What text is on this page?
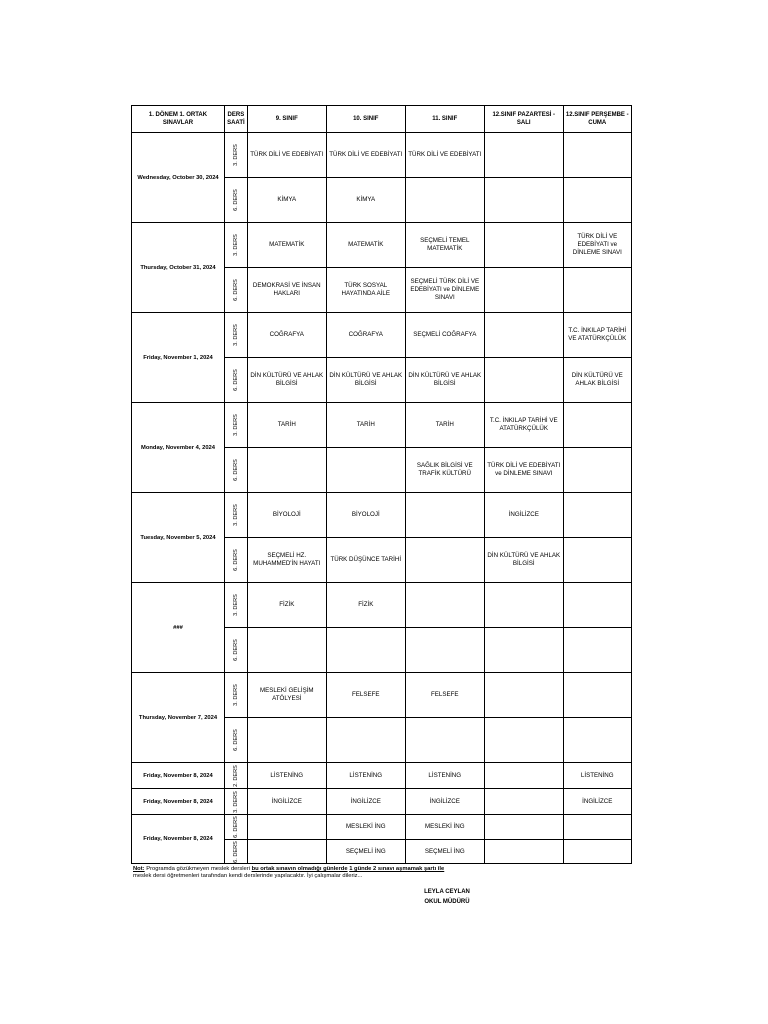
1. DÖNEM 1. ORTAK SINAVLAR	DERS SAATİ	9. SINIF	10. SINIF	11. SINIF	12.SINIF PAZARTESİ -SALI	12.SINIF PERŞEMBE - CUMA
Wednesday, October 30, 2024	3. DERS	TÜRK DİLİ VE EDEBİYATI	TÜRK DİLİ VE EDEBİYATI	TÜRK DİLİ VE EDEBİYATI		
	6. DERS	KİMYA	KİMYA			
Thursday, October 31, 2024	3. DERS	MATEMATİK	MATEMATİK	SEÇMELİ TEMEL MATEMATİK		TÜRK DİLİ VE EDEBİYATI ve DİNLEME SINAVI
	6. DERS	DEMOKRASİ VE İNSAN HAKLARI	TÜRK SOSYAL HAYATINDA AİLE	SEÇMELİ TÜRK DİLİ VE EDEBİYATI ve DİNLEME SINAVI		
Friday, November 1, 2024	3. DERS	COĞRAFYA	COĞRAFYA	SEÇMELİ COĞRAFYA		T.C. İNKILAP TARİHİ VE ATATÜRKÇÜLÜK
	6. DERS	DİN KÜLTÜRÜ VE AHLAK BİLGİSİ	DİN KÜLTÜRÜ VE AHLAK BİLGİSİ	DİN KÜLTÜRÜ VE AHLAK BİLGİSİ		DİN KÜLTÜRÜ VE AHLAK BİLGİSİ
Monday, November 4, 2024	3. DERS	TARİH	TARİH	TARİH	T.C. İNKILAP TARİHİ VE ATATÜRKÇÜLÜK	
	6. DERS			SAĞLIK BİLGİSİ VE TRAFİK KÜLTÜRÜ	TÜRK DİLİ VE EDEBİYATI ve DİNLEME SINAVI	
Tuesday, November 5, 2024	3. DERS	BİYOLOJİ	BİYOLOJİ		İNGİLİZCE	
	6. DERS	SEÇMELİ HZ. MUHAMMED'İN HAYATI	TÜRK DÜŞÜNCE TARİHİ		DİN KÜLTÜRÜ VE AHLAK BİLGİSİ	
###	3. DERS	FİZİK	FİZİK			
	6. DERS					
Thursday, November 7, 2024	3. DERS	MESLEKİ GELİŞİM ATÖLYESİ	FELSEFE	FELSEFE		
	6. DERS					
Friday, November 8, 2024	2. DERS	LİSTENİNG	LİSTENİNG	LİSTENİNG		LİSTENİNG
Friday, November 8, 2024	3. DERS	İNGİLİZCE	İNGİLİZCE	İNGİLİZCE		İNGİLİZCE
Friday, November 8, 2024	6. DERS		MESLEKİ İNG	MESLEKİ İNG		
	6. DERS		SEÇMELİ İNG	SEÇMELİ İNG		
Not: Programda gözükmeyen meslek dersleri bu ortak sınavın olmadığı günlerde 1 günde 2 sınavı aşmamak şartı ile
meslek dersi öğretmenleri tarafından kendi derslerinde yapılacaktır. İyi çalışmalar dileriz...
LEYLA CEYLAN
OKUL MÜDÜRÜ
